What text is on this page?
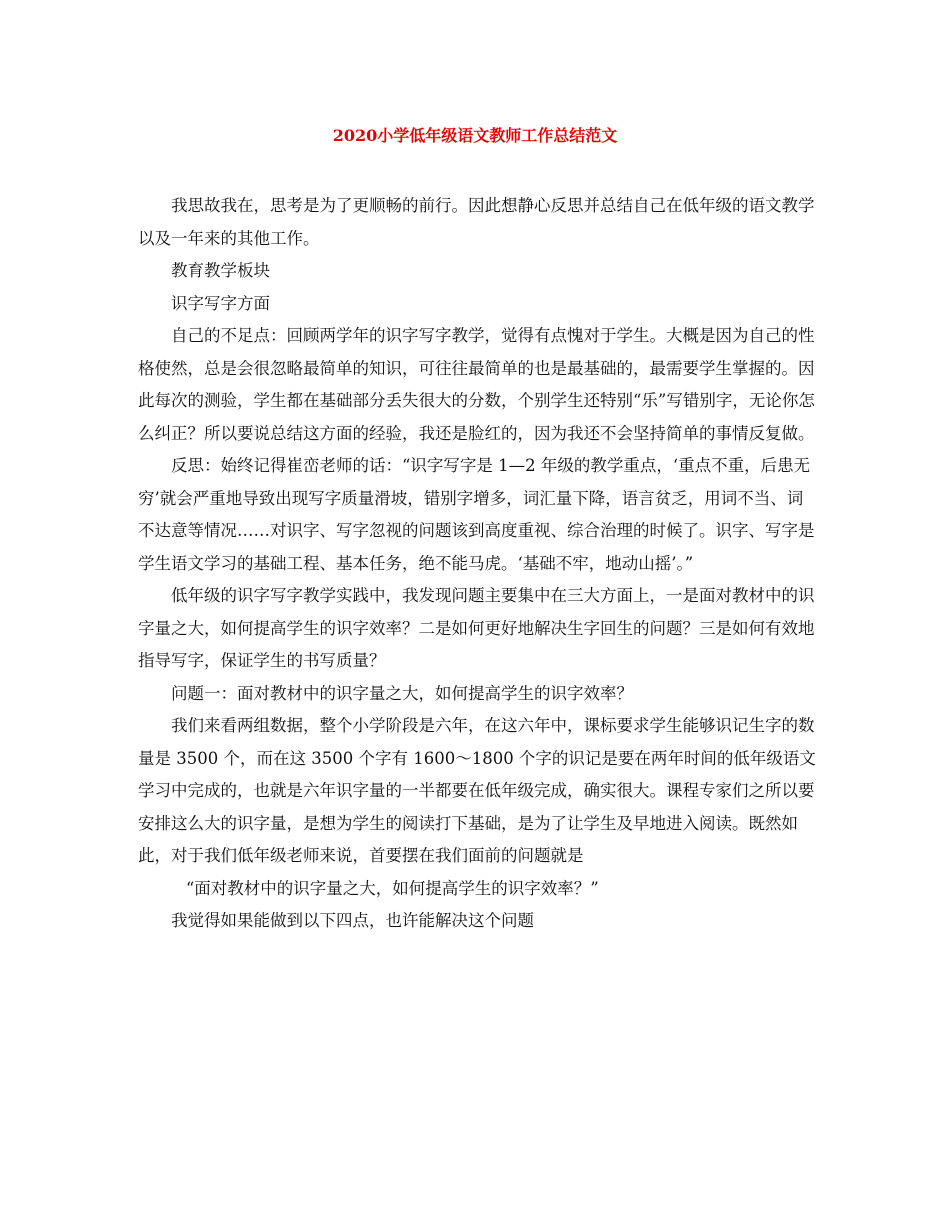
2020小学低年级语文教师工作总结范文

我思故我在，思考是为了更顺畅的前行。因此想静心反思并总结自己在低年级的语文教学以及一年来的其他工作。

教育教学板块

识字写字方面

自己的不足点：回顾两学年的识字写字教学，觉得有点愧对于学生。大概是因为自己的性格使然，总是会很忽略最简单的知识，可往往最简单的也是最基础的，最需要学生掌握的。因此每次的测验，学生都在基础部分丢失很大的分数，个别学生还特别“乐”写错别字，无论你怎么纠正？所以要说总结这方面的经验，我还是脸红的，因为我还不会坚持简单的事情反复做。

反思：始终记得崔峦老师的话：“识字写字是 1—2 年级的教学重点，‘重点不重，后患无穷’就会严重地导致出现写字质量滑坡，错别字增多，词汇量下降，语言贫乏，用词不当、词不达意等情况……对识字、写字忽视的问题该到高度重视、综合治理的时候了。识字、写字是学生语文学习的基础工程、基本任务，绝不能马虎。‘基础不牢，地动山摇’。”

低年级的识字写字教学实践中，我发现问题主要集中在三大方面上，一是面对教材中的识字量之大，如何提高学生的识字效率？二是如何更好地解决生字回生的问题？三是如何有效地指导写字，保证学生的书写质量？

问题一：面对教材中的识字量之大，如何提高学生的识字效率？

我们来看两组数据，整个小学阶段是六年，在这六年中，课标要求学生能够识记生字的数量是 3500 个，而在这 3500 个字有 1600～1800 个字的识记是要在两年时间的低年级语文学习中完成的，也就是六年识字量的一半都要在低年级完成，确实很大。课程专家们之所以要安排这么大的识字量，是想为学生的阅读打下基础，是为了让学生及早地进入阅读。既然如此，对于我们低年级老师来说，首要摆在我们面前的问题就是

“面对教材中的识字量之大，如何提高学生的识字效率？”

我觉得如果能做到以下四点，也许能解决这个问题
